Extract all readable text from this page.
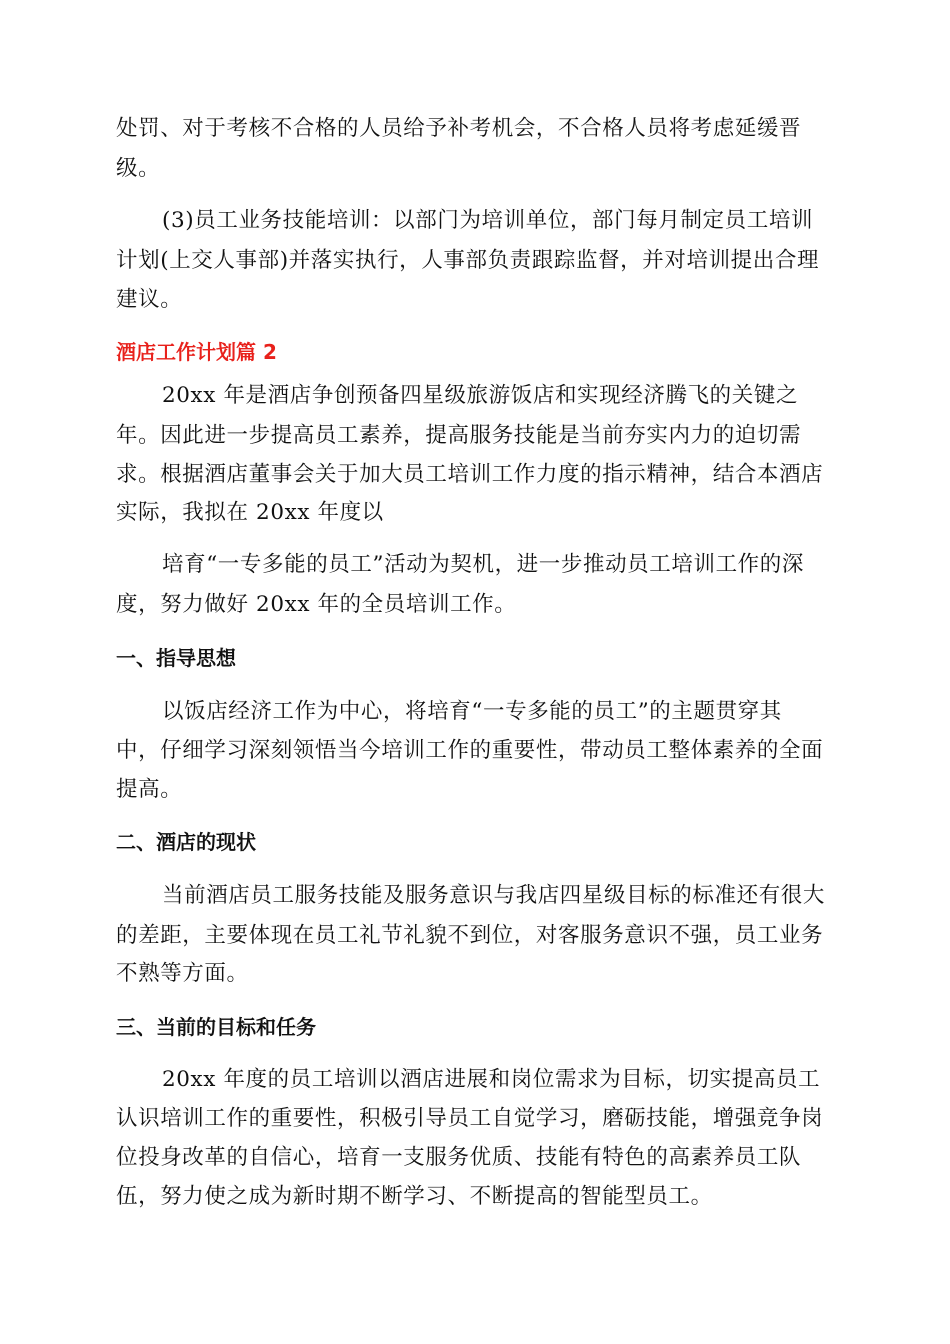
处罚、对于考核不合格的人员给予补考机会，不合格人员将考虑延缓晋
级。
(3)员工业务技能培训：以部门为培训单位，部门每月制定员工培训
计划(上交人事部)并落实执行，人事部负责跟踪监督，并对培训提出合理
建议。
酒店工作计划篇 2
20xx 年是酒店争创预备四星级旅游饭店和实现经济腾飞的关键之
年。因此进一步提高员工素养，提高服务技能是当前夯实内力的迫切需
求。根据酒店董事会关于加大员工培训工作力度的指示精神，结合本酒店
实际，我拟在 20xx 年度以
培育“一专多能的员工”活动为契机，进一步推动员工培训工作的深
度，努力做好 20xx 年的全员培训工作。
一、指导思想
以饭店经济工作为中心，将培育“一专多能的员工”的主题贯穿其
中，仔细学习深刻领悟当今培训工作的重要性，带动员工整体素养的全面
提高。
二、酒店的现状
当前酒店员工服务技能及服务意识与我店四星级目标的标准还有很大
的差距，主要体现在员工礼节礼貌不到位，对客服务意识不强，员工业务
不熟等方面。
三、当前的目标和任务
20xx 年度的员工培训以酒店进展和岗位需求为目标，切实提高员工
认识培训工作的重要性，积极引导员工自觉学习，磨砺技能，增强竞争岗
位投身改革的自信心，培育一支服务优质、技能有特色的高素养员工队
伍，努力使之成为新时期不断学习、不断提高的智能型员工。
